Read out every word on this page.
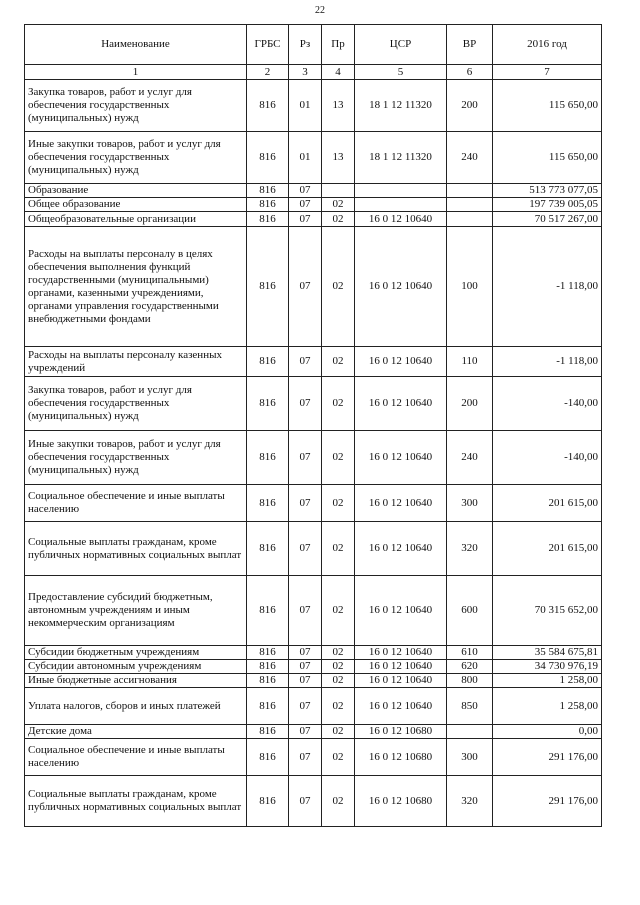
22
Наименование	ГРБС	Рз	Пр	ЦСР	ВР	2016 год
1	2	3	4	5	6	7
Закупка товаров, работ и услуг для обеспечения государственных (муниципальных) нужд	816	01	13	18 1 12 11320	200	115 650,00
Иные закупки товаров, работ и услуг для обеспечения государственных (муниципальных) нужд	816	01	13	18 1 12 11320	240	115 650,00
Образование	816	07				513 773 077,05
Общее образование	816	07	02			197 739 005,05
Общеобразовательные организации	816	07	02	16 0 12 10640		70 517 267,00
Расходы на выплаты персоналу в целях обеспечения выполнения функций государственными (муниципальными) органами, казенными учреждениями, органами управления государственными внебюджетными фондами	816	07	02	16 0 12 10640	100	-1 118,00
Расходы на выплаты персоналу казенных учреждений	816	07	02	16 0 12 10640	110	-1 118,00
Закупка товаров, работ и услуг для обеспечения государственных (муниципальных) нужд	816	07	02	16 0 12 10640	200	-140,00
Иные закупки товаров, работ и услуг для обеспечения государственных (муниципальных) нужд	816	07	02	16 0 12 10640	240	-140,00
Социальное обеспечение и иные выплаты населению	816	07	02	16 0 12 10640	300	201 615,00
Социальные выплаты гражданам, кроме публичных нормативных социальных выплат	816	07	02	16 0 12 10640	320	201 615,00
Предоставление субсидий бюджетным, автономным учреждениям и иным некоммерческим организациям	816	07	02	16 0 12 10640	600	70 315 652,00
Субсидии бюджетным учреждениям	816	07	02	16 0 12 10640	610	35 584 675,81
Субсидии автономным учреждениям	816	07	02	16 0 12 10640	620	34 730 976,19
Иные бюджетные ассигнования	816	07	02	16 0 12 10640	800	1 258,00
Уплата налогов, сборов и иных платежей	816	07	02	16 0 12 10640	850	1 258,00
Детские дома	816	07	02	16 0 12 10680		0,00
Социальное обеспечение и иные выплаты населению	816	07	02	16 0 12 10680	300	291 176,00
Социальные выплаты гражданам, кроме публичных нормативных социальных выплат	816	07	02	16 0 12 10680	320	291 176,00
